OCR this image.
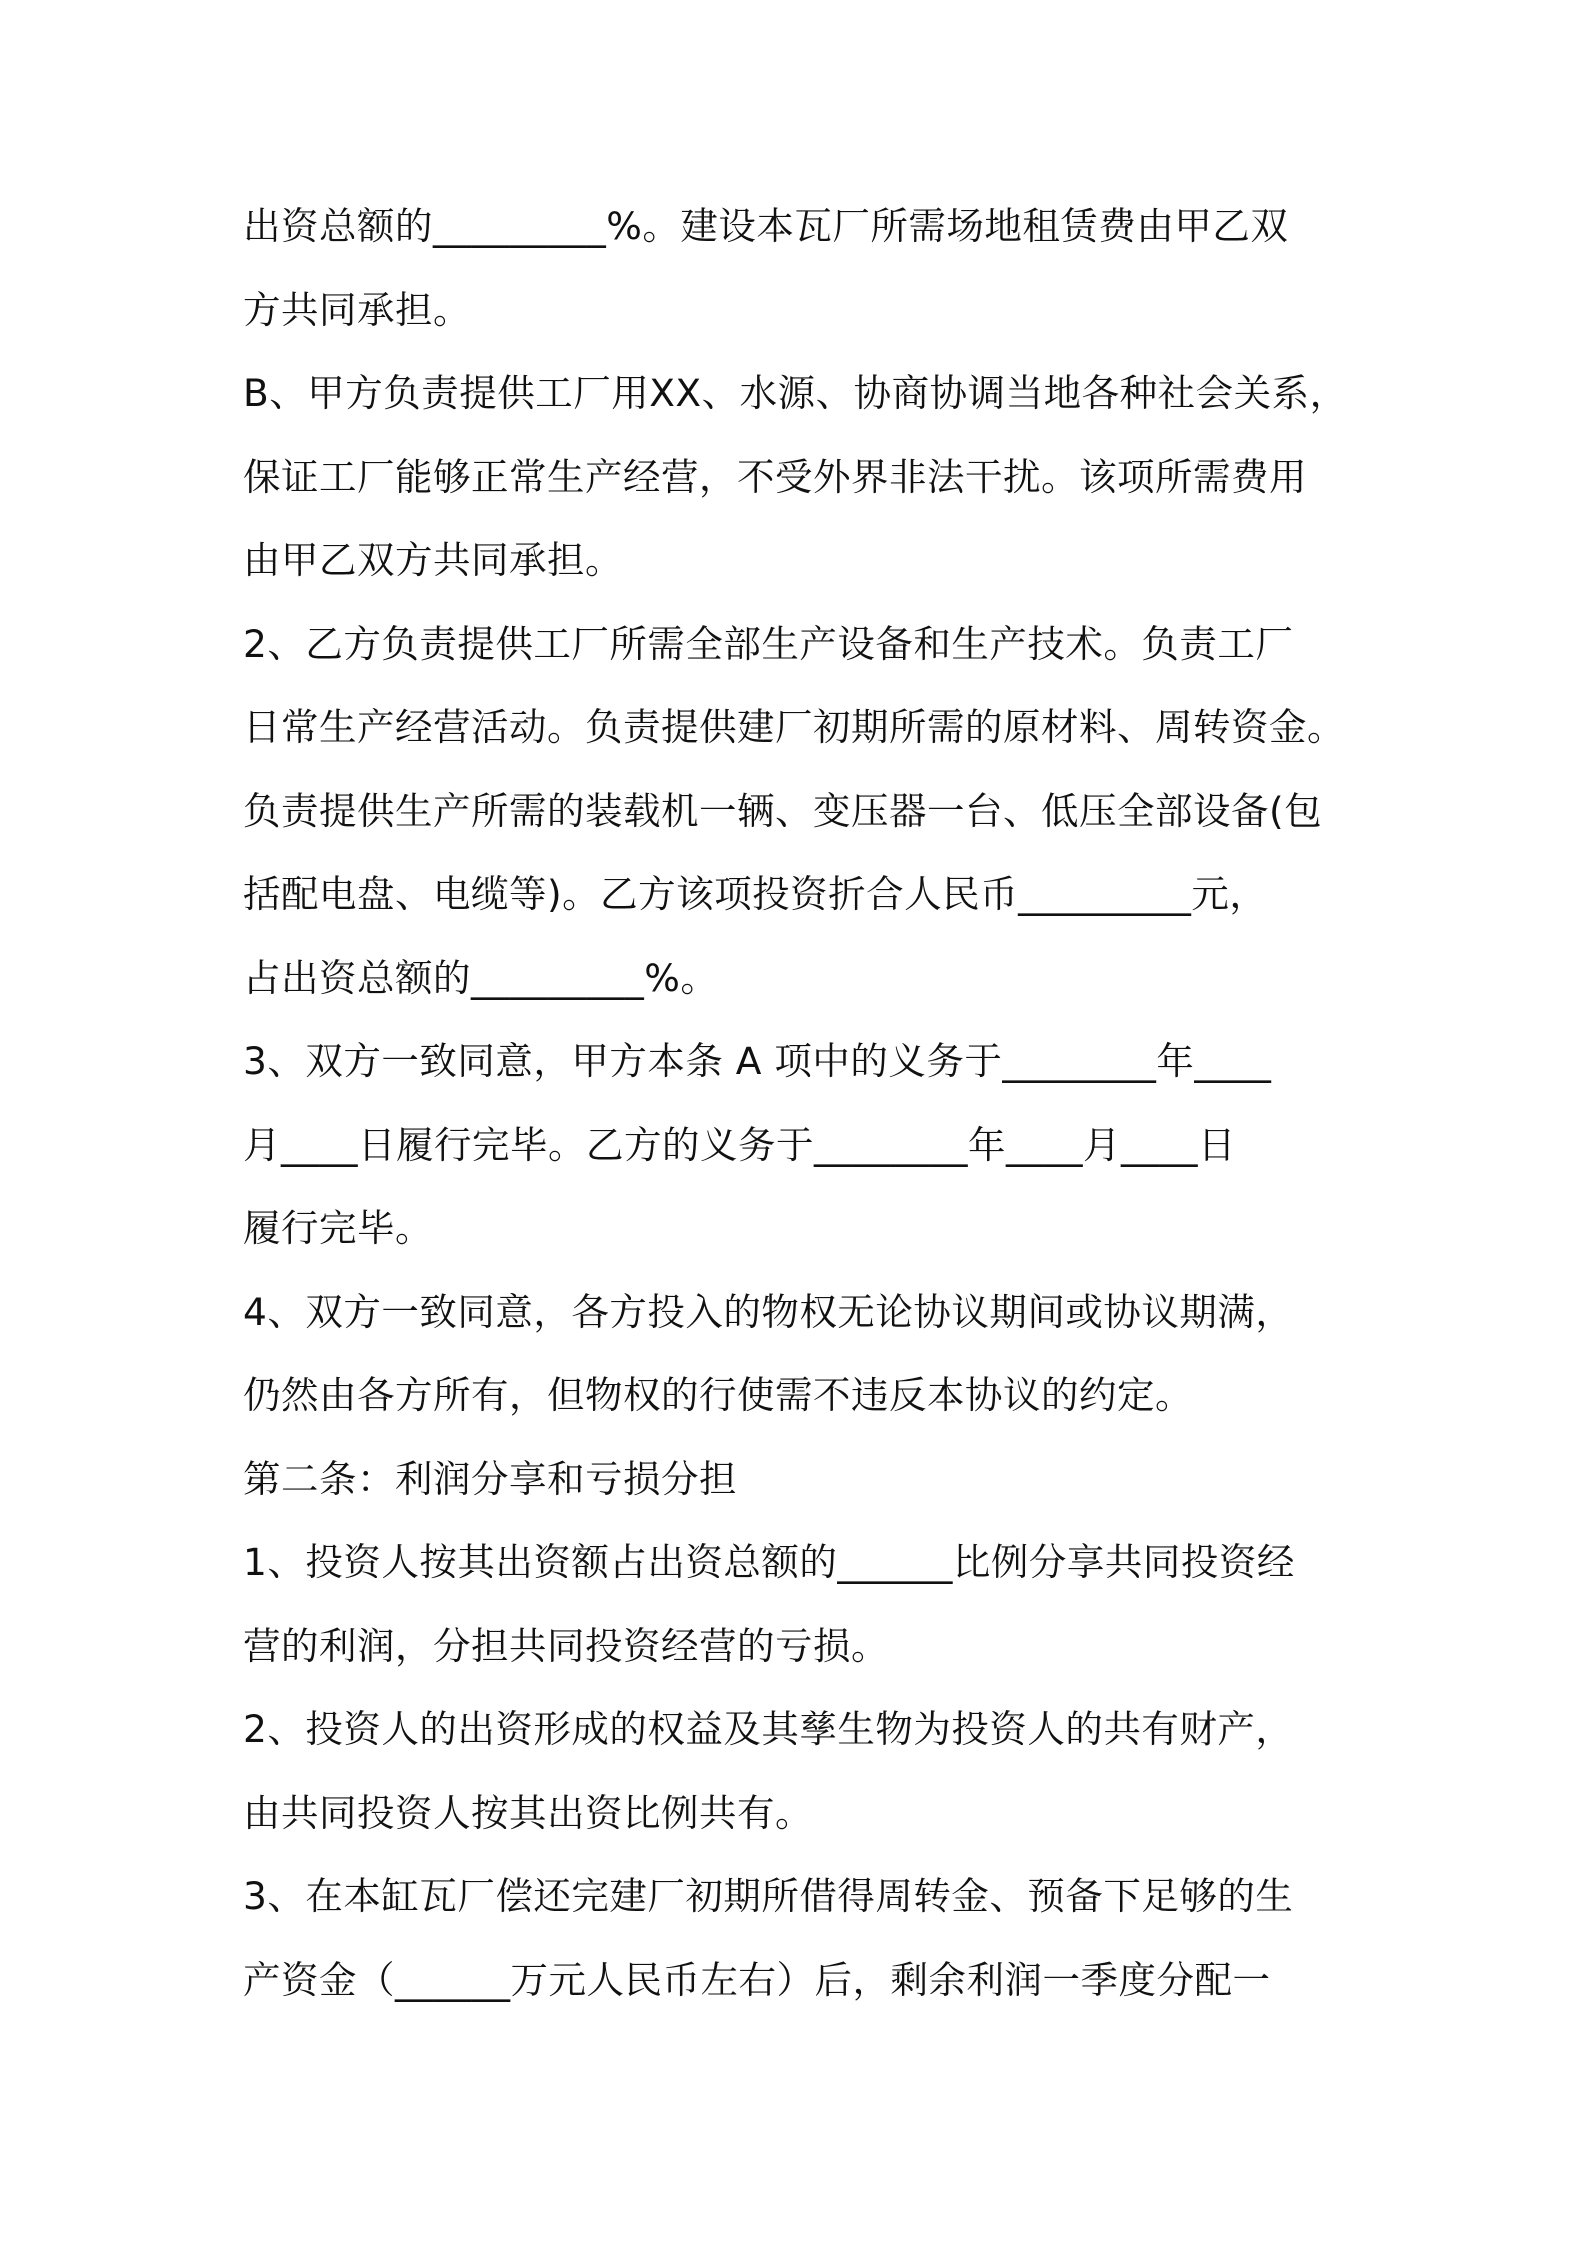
出资总额的_________%。建设本瓦厂所需场地租赁费由甲乙双
方共同承担。
B、甲方负责提供工厂用XX、水源、协商协调当地各种社会关系，
保证工厂能够正常生产经营，不受外界非法干扰。该项所需费用
由甲乙双方共同承担。
2、乙方负责提供工厂所需全部生产设备和生产技术。负责工厂
日常生产经营活动。负责提供建厂初期所需的原材料、周转资金。
负责提供生产所需的装载机一辆、变压器一台、低压全部设备(包
括配电盘、电缆等)。乙方该项投资折合人民币_________元，
占出资总额的_________%。
3、双方一致同意，甲方本条 A 项中的义务于________年____
月____日履行完毕。乙方的义务于________年____月____日
履行完毕。
4、双方一致同意，各方投入的物权无论协议期间或协议期满，
仍然由各方所有，但物权的行使需不违反本协议的约定。
第二条：利润分享和亏损分担
1、投资人按其出资额占出资总额的______比例分享共同投资经
营的利润，分担共同投资经营的亏损。
2、投资人的出资形成的权益及其孳生物为投资人的共有财产，
由共同投资人按其出资比例共有。
3、在本缸瓦厂偿还完建厂初期所借得周转金、预备下足够的生
产资金（______万元人民币左右）后，剩余利润一季度分配一
